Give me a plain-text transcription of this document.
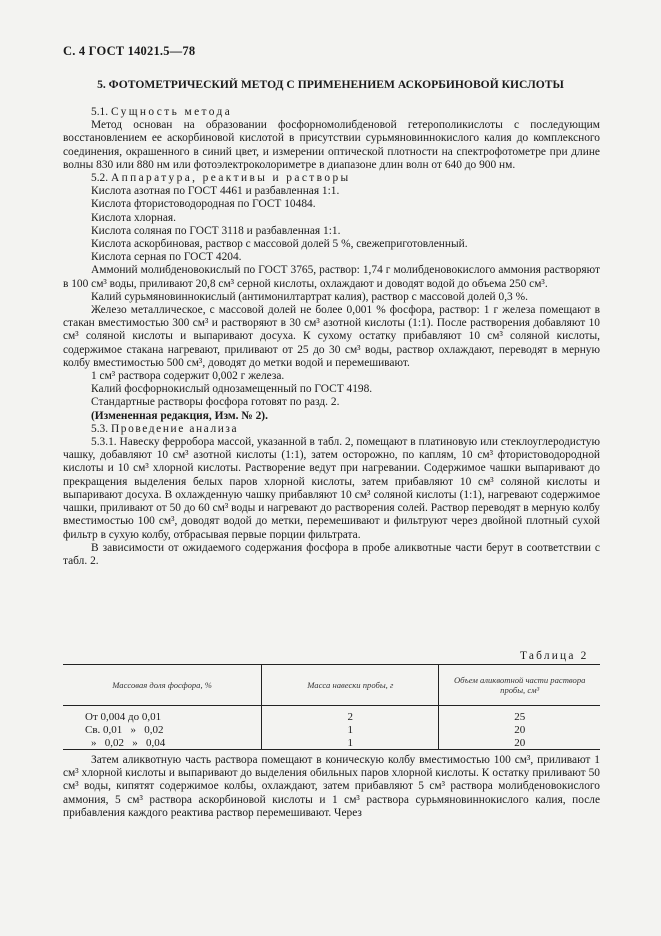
С. 4 ГОСТ 14021.5—78
5. ФОТОМЕТРИЧЕСКИЙ МЕТОД С ПРИМЕНЕНИЕМ АСКОРБИНОВОЙ КИСЛОТЫ

5.1. Сущность метода

Метод основан на образовании фосфорномолибденовой гетерополикислоты с последующим восстановлением ее аскорбиновой кислотой в присутствии сурьмяновиннокислого калия до комплексного соединения, окрашенного в синий цвет, и измерении оптической плотности на спектрофотометре при длине волны 830 или 880 нм или фотоэлектроколориметре в диапазоне длин волн от 640 до 900 нм.

5.2. Аппаратура, реактивы и растворы

Кислота азотная по ГОСТ 4461 и разбавленная 1:1.

Кислота фтористоводородная по ГОСТ 10484.

Кислота хлорная.

Кислота соляная по ГОСТ 3118 и разбавленная 1:1.

Кислота аскорбиновая, раствор с массовой долей 5 %, свежеприготовленный.

Кислота серная по ГОСТ 4204.

Аммоний молибденовокислый по ГОСТ 3765, раствор: 1,74 г молибденовокислого аммония растворяют в 100 см³ воды, приливают 20,8 см³ серной кислоты, охлаждают и доводят водой до объема 250 см³.

Калий сурьмяновиннокислый (антимонилтартрат калия), раствор с массовой долей 0,3 %.

Железо металлическое, с массовой долей не более 0,001 % фосфора, раствор: 1 г железа помещают в стакан вместимостью 300 см³ и растворяют в 30 см³ азотной кислоты (1:1). После растворения добавляют 10 см³ соляной кислоты и выпаривают досуха. К сухому остатку прибавляют 10 см³ соляной кислоты, содержимое стакана нагревают, приливают от 25 до 30 см³ воды, раствор охлаждают, переводят в мерную колбу вместимостью 500 см³, доводят до метки водой и перемешивают.

1 см³ раствора содержит 0,002 г железа.

Калий фосфорнокислый однозамещенный по ГОСТ 4198.

Стандартные растворы фосфора готовят по разд. 2.

(Измененная редакция, Изм. № 2).

5.3. Проведение анализа

5.3.1. Навеску ферробора массой, указанной в табл. 2, помещают в платиновую или стеклоуглеродистую чашку, добавляют 10 см³ азотной кислоты (1:1), затем осторожно, по каплям, 10 см³ фтористоводородной кислоты и 10 см³ хлорной кислоты. Растворение ведут при нагревании. Содержимое чашки выпаривают до прекращения выделения белых паров хлорной кислоты, затем прибавляют 10 см³ соляной кислоты и выпаривают досуха. В охлажденную чашку прибавляют 10 см³ соляной кислоты (1:1), нагревают содержимое чашки, приливают от 50 до 60 см³ воды и нагревают до растворения солей. Раствор переводят в мерную колбу вместимостью 100 см³, доводят водой до метки, перемешивают и фильтруют через двойной плотный сухой фильтр в сухую колбу, отбрасывая первые порции фильтрата.

В зависимости от ожидаемого содержания фосфора в пробе аликвотные части берут в соответствии с табл. 2.

Таблица 2
Массовая доля фосфора, %	Масса навески пробы, г	Объем аликвотной части раствора пробы, см³
От 0,004 до 0,01	2	25
Св. 0,01   »   0,02	1	20
»   0,02   »   0,04	1	20

Затем аликвотную часть раствора помещают в коническую колбу вместимостью 100 см³, приливают 1 см³ хлорной кислоты и выпаривают до выделения обильных паров хлорной кислоты. К остатку приливают 50 см³ воды, кипятят содержимое колбы, охлаждают, затем прибавляют 5 см³ раствора молибденовокислого аммония, 5 см³ раствора аскорбиновой кислоты и 1 см³ раствора сурьмяновиннокислого калия, после прибавления каждого реактива раствор перемешивают. Через
